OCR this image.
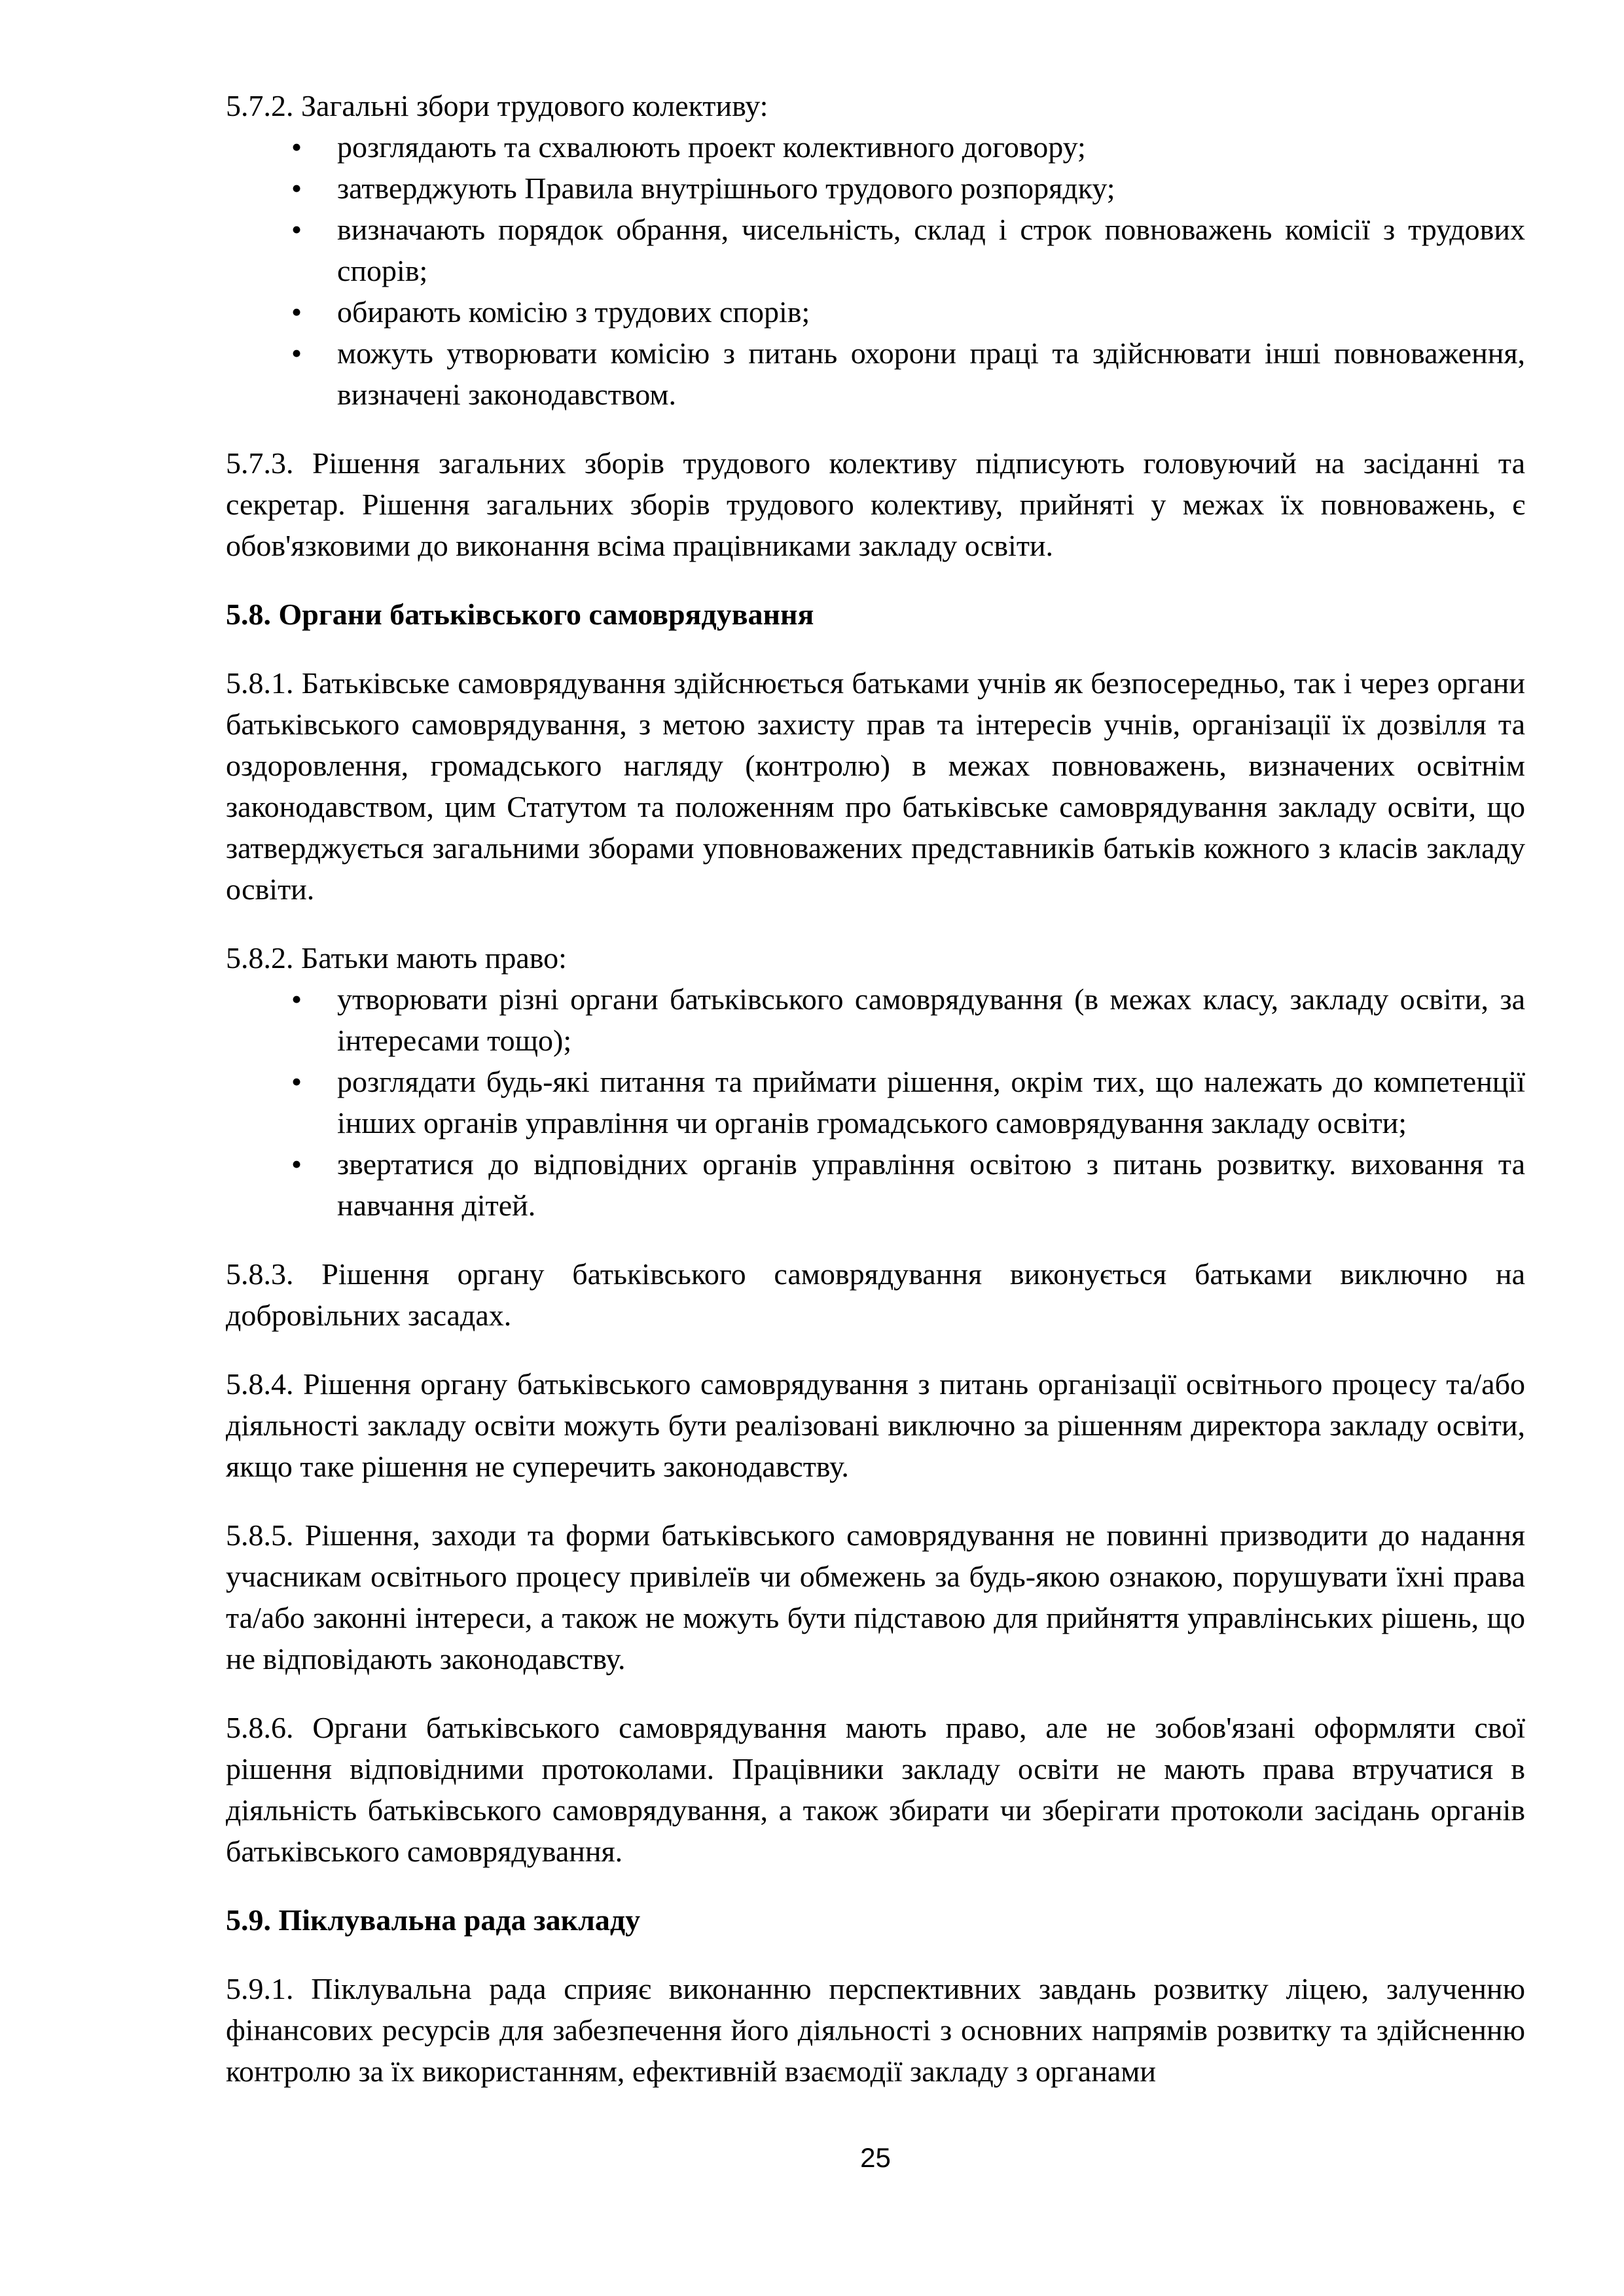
5.7.2. Загальні збори трудового колективу:

• розглядають та схвалюють проект колективного договору;
• затверджують Правила внутрішнього трудового розпорядку;
• визначають порядок обрання, чисельність, склад і строк повноважень комісії з трудових спорів;
• обирають комісію з трудових спорів;
• можуть утворювати комісію з питань охорони праці та здійснювати інші повноваження, визначені законодавством.

5.7.3. Рішення загальних зборів трудового колективу підписують головуючий на засіданні та секретар. Рішення загальних зборів трудового колективу, прийняті у межах їх повноважень, є обов'язковими до виконання всіма працівниками закладу освіти.

5.8. Органи батьківського самоврядування

5.8.1. Батьківське самоврядування здійснюється батьками учнів як безпосередньо, так і через органи батьківського самоврядування, з метою захисту прав та інтересів учнів, організації їх дозвілля та оздоровлення, громадського нагляду (контролю) в межах повноважень, визначених освітнім законодавством, цим Статутом та положенням про батьківське самоврядування закладу освіти, що затверджується загальними зборами уповноважених представників батьків кожного з класів закладу освіти.

5.8.2. Батьки мають право:

• утворювати різні органи батьківського самоврядування (в межах класу, закладу освіти, за інтересами тощо);
• розглядати будь-які питання та приймати рішення, окрім тих, що належать до компетенції інших органів управління чи органів громадського самоврядування закладу освіти;
• звертатися до відповідних органів управління освітою з питань розвитку. виховання та навчання дітей.

5.8.3. Рішення органу батьківського самоврядування виконується батьками виключно на добровільних засадах.

5.8.4. Рішення органу батьківського самоврядування з питань організації освітнього процесу та/або діяльності закладу освіти можуть бути реалізовані виключно за рішенням директора закладу освіти, якщо таке рішення не суперечить законодавству.

5.8.5. Рішення, заходи та форми батьківського самоврядування не повинні призводити до надання учасникам освітнього процесу привілеїв чи обмежень за будь-якою ознакою, порушувати їхні права та/або законні інтереси, а також не можуть бути підставою для прийняття управлінських рішень, що не відповідають законодавству.

5.8.6. Органи батьківського самоврядування мають право, але не зобов'язані оформляти свої рішення відповідними протоколами. Працівники закладу освіти не мають права втручатися в діяльність батьківського самоврядування, а також збирати чи зберігати протоколи засідань органів батьківського самоврядування.

5.9. Піклувальна рада закладу

5.9.1. Піклувальна рада сприяє виконанню перспективних завдань розвитку ліцею, залученню фінансових ресурсів для забезпечення його діяльності з основних напрямів розвитку та здійсненню контролю за їх використанням, ефективній взаємодії закладу з органами

25
